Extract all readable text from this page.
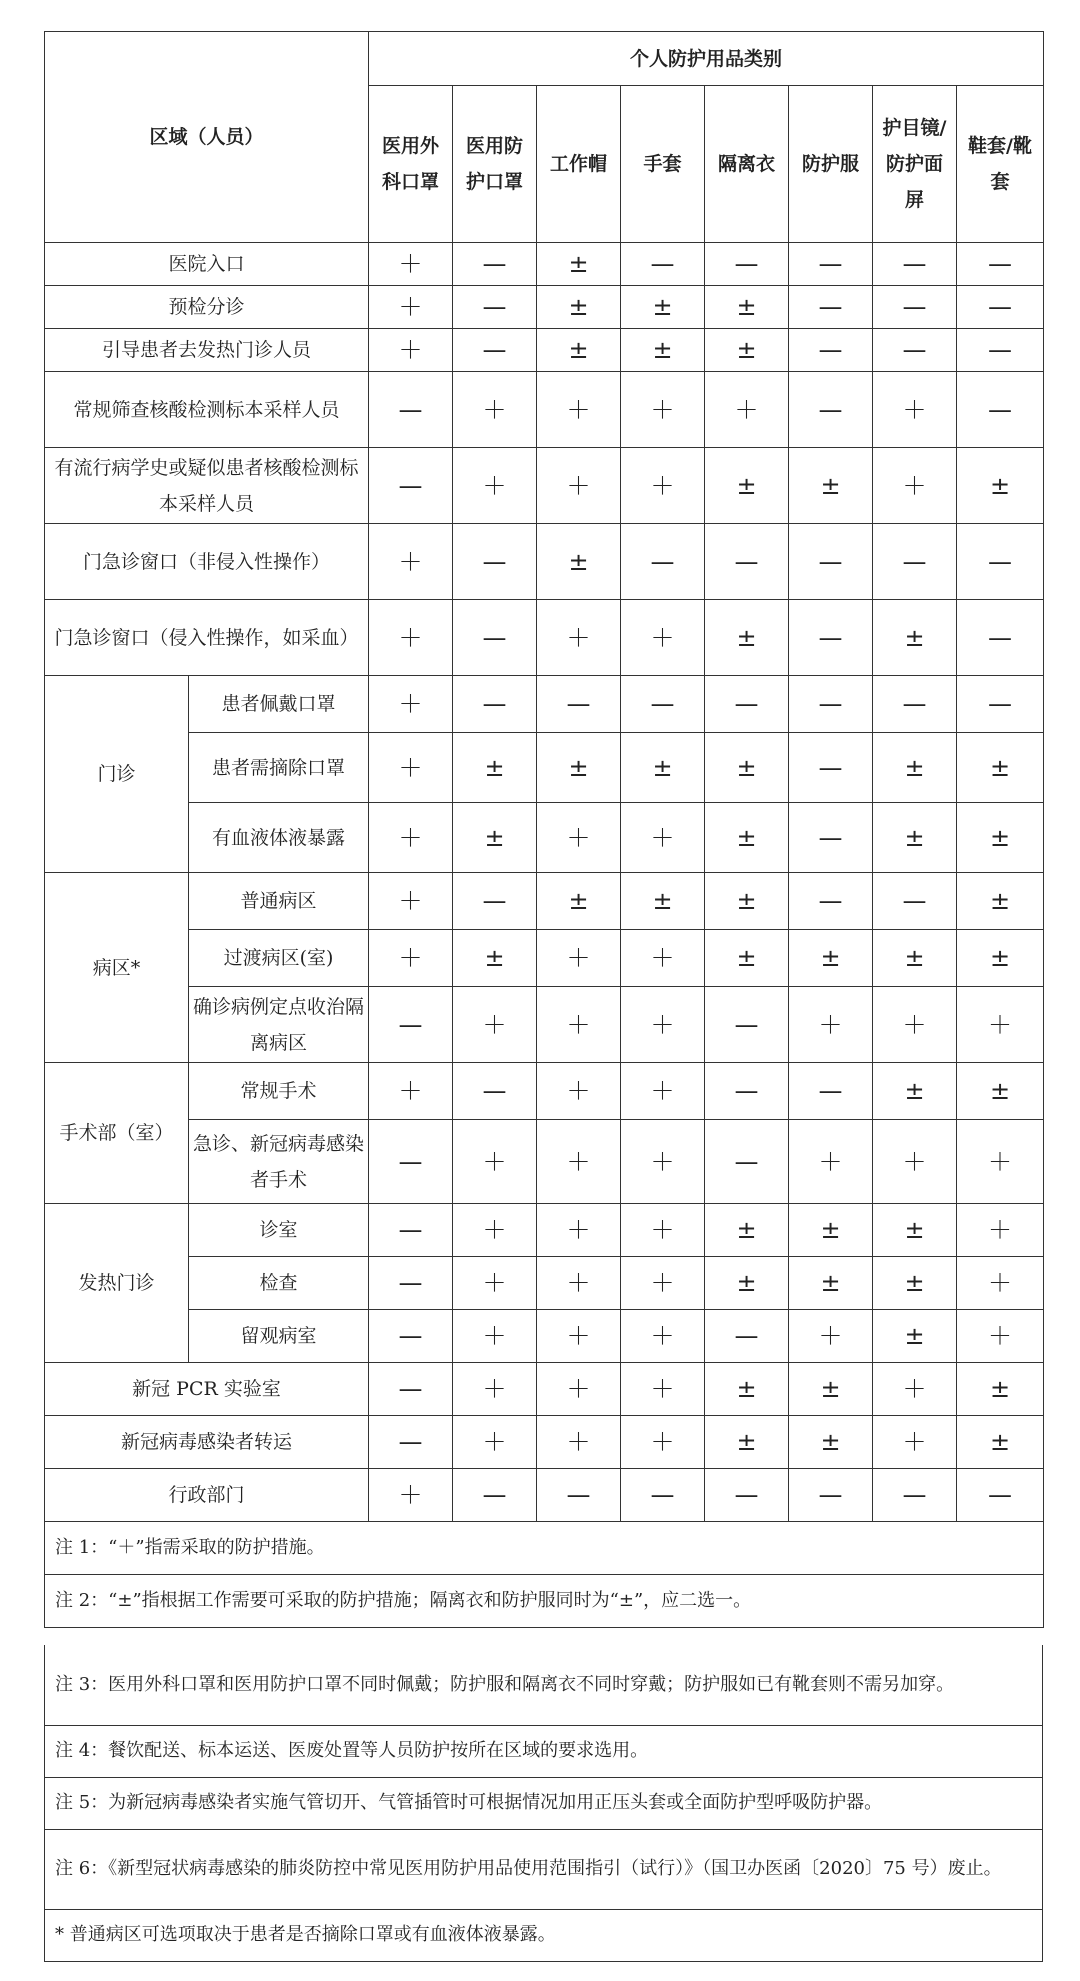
区域（人员）		个人防护用品类别							
		医用外科口罩	医用防护口罩	工作帽	手套	隔离衣	防护服	护目镜/防护面屏	鞋套/靴套
医院入口		＋	—	±	—	—	—	—	—
预检分诊		＋	—	±	±	±	—	—	—
引导患者去发热门诊人员		＋	—	±	±	±	—	—	—
常规筛查核酸检测标本采样人员		—	＋	＋	＋	＋	—	＋	—
有流行病学史或疑似患者核酸检测标本采样人员		—	＋	＋	＋	±	±	＋	±
门急诊窗口（非侵入性操作）		＋	—	±	—	—	—	—	—
门急诊窗口（侵入性操作，如采血）		＋	—	＋	＋	±	—	±	—
门诊	患者佩戴口罩	＋	—	—	—	—	—	—	—
	患者需摘除口罩	＋	±	±	±	±	—	±	±
	有血液体液暴露	＋	±	＋	＋	±	—	±	±
病区*	普通病区	＋	—	±	±	±	—	—	±
	过渡病区(室)	＋	±	＋	＋	±	±	±	±
	确诊病例定点收治隔离病区	—	＋	＋	＋	—	＋	＋	＋
手术部（室）	常规手术	＋	—	＋	＋	—	—	±	±
	急诊、新冠病毒感染者手术	—	＋	＋	＋	—	＋	＋	＋
发热门诊	诊室	—	＋	＋	＋	±	±	±	＋
	检查	—	＋	＋	＋	±	±	±	＋
	留观病室	—	＋	＋	＋	—	＋	±	＋
新冠 PCR 实验室		—	＋	＋	＋	±	±	＋	±
新冠病毒感染者转运		—	＋	＋	＋	±	±	＋	±
行政部门		＋	—	—	—	—	—	—	—
注 1：“＋”指需采取的防护措施。									
注 2：“±”指根据工作需要可采取的防护措施；隔离衣和防护服同时为“±”，应二选一。									
注 3：医用外科口罩和医用防护口罩不同时佩戴；防护服和隔离衣不同时穿戴；防护服如已有靴套则不需另加穿。
注 4：餐饮配送、标本运送、医废处置等人员防护按所在区域的要求选用。
注 5：为新冠病毒感染者实施气管切开、气管插管时可根据情况加用正压头套或全面防护型呼吸防护器。
注 6：《新型冠状病毒感染的肺炎防控中常见医用防护用品使用范围指引（试行）》（国卫办医函〔2020〕75 号）废止。
* 普通病区可选项取决于患者是否摘除口罩或有血液体液暴露。
